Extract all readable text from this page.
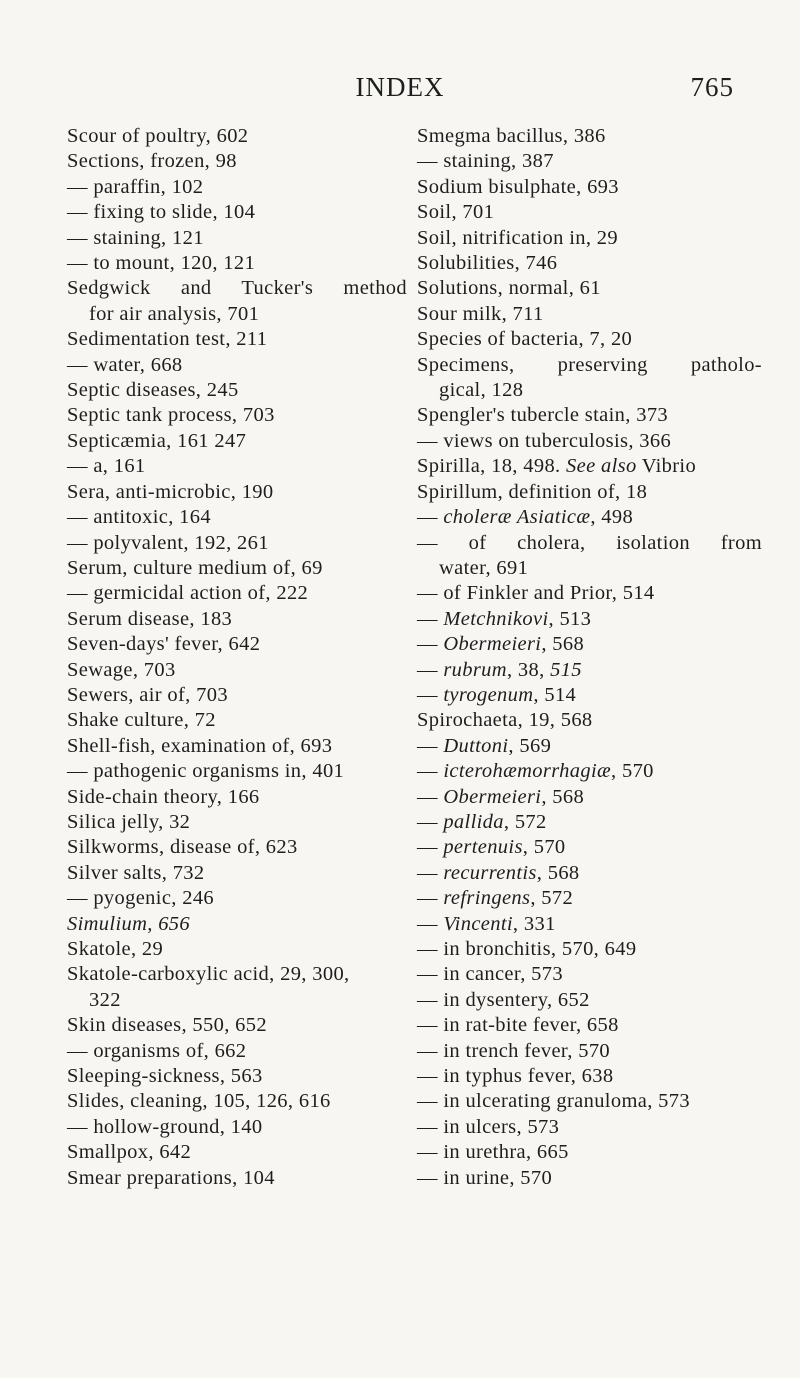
INDEX	765
Scour of poultry, 602
Sections, frozen, 98
— paraffin, 102
— fixing to slide, 104
— staining, 121
— to mount, 120, 121
Sedgwick and Tucker's method
for air analysis, 701
Sedimentation test, 211
— water, 668
Septic diseases, 245
Septic tank process, 703
Septicæmia, 161 247
— a, 161
Sera, anti-microbic, 190
— antitoxic, 164
— polyvalent, 192, 261
Serum, culture medium of, 69
— germicidal action of, 222
Serum disease, 183
Seven-days' fever, 642
Sewage, 703
Sewers, air of, 703
Shake culture, 72
Shell-fish, examination of, 693
— pathogenic organisms in, 401
Side-chain theory, 166
Silica jelly, 32
Silkworms, disease of, 623
Silver salts, 732
— pyogenic, 246
Simulium, 656
Skatole, 29
Skatole-carboxylic acid, 29, 300,
322
Skin diseases, 550, 652
— organisms of, 662
Sleeping-sickness, 563
Slides, cleaning, 105, 126, 616
— hollow-ground, 140
Smallpox, 642
Smear preparations, 104
Smegma bacillus, 386
— staining, 387
Sodium bisulphate, 693
Soil, 701
Soil, nitrification in, 29
Solubilities, 746
Solutions, normal, 61
Sour milk, 711
Species of bacteria, 7, 20
Specimens, preserving patholo-
gical, 128
Spengler's tubercle stain, 373
— views on tuberculosis, 366
Spirilla, 18, 498. See also Vibrio
Spirillum, definition of, 18
— choleræ Asiaticæ, 498
— of cholera, isolation from
water, 691
— of Finkler and Prior, 514
— Metchnikovi, 513
— Obermeieri, 568
— rubrum, 38, 515
— tyrogenum, 514
Spirochaeta, 19, 568
— Duttoni, 569
— icterohæmorrhagiæ, 570
— Obermeieri, 568
— pallida, 572
— pertenuis, 570
— recurrentis, 568
— refringens, 572
— Vincenti, 331
— in bronchitis, 570, 649
— in cancer, 573
— in dysentery, 652
— in rat-bite fever, 658
— in trench fever, 570
— in typhus fever, 638
— in ulcerating granuloma, 573
— in ulcers, 573
— in urethra, 665
— in urine, 570
